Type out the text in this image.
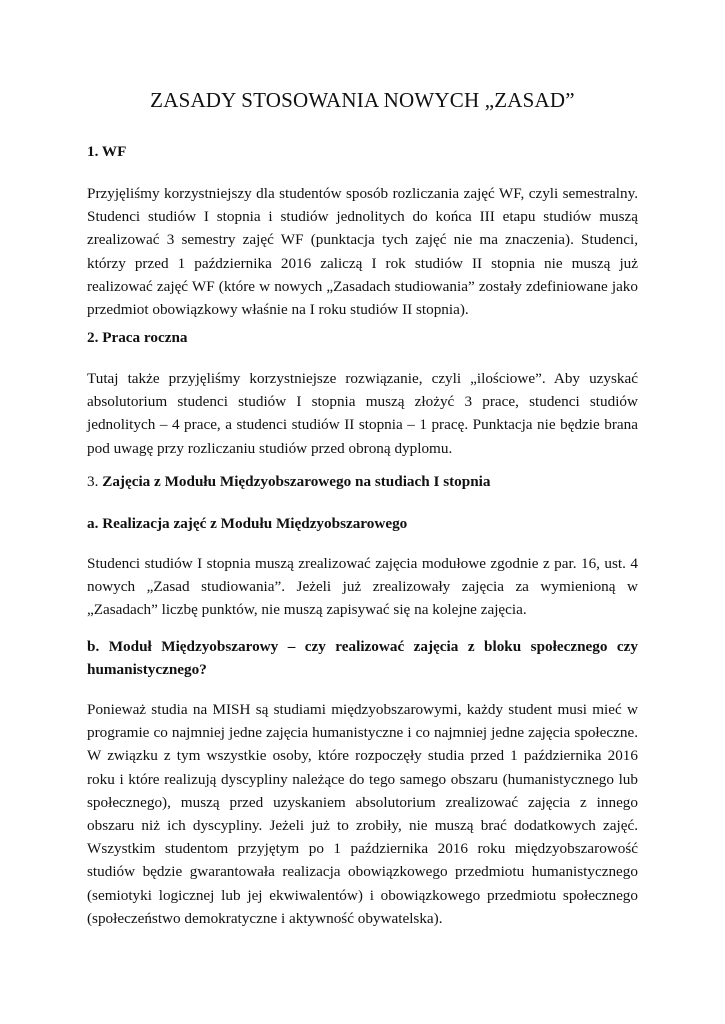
ZASADY STOSOWANIA NOWYCH „ZASAD”

1. WF

Przyjęliśmy korzystniejszy dla studentów sposób rozliczania zajęć WF, czyli semestralny. Studenci studiów I stopnia i studiów jednolitych do końca III etapu studiów muszą zrealizować 3 semestry zajęć WF (punktacja tych zajęć nie ma znaczenia). Studenci, którzy przed 1 października 2016 zaliczą I rok studiów II stopnia nie muszą już realizować zajęć WF (które w nowych „Zasadach studiowania” zostały zdefiniowane jako przedmiot obowiązkowy właśnie na I roku studiów II stopnia).

2. Praca roczna

Tutaj także przyjęliśmy korzystniejsze rozwiązanie, czyli „ilościowe”. Aby uzyskać absolutorium studenci studiów I stopnia muszą złożyć 3 prace, studenci studiów jednolitych – 4 prace, a studenci studiów II stopnia – 1 pracę. Punktacja nie będzie brana pod uwagę przy rozliczaniu studiów przed obroną dyplomu.

3. Zajęcia z Modułu Międzyobszarowego na studiach I stopnia

a. Realizacja zajęć z Modułu Międzyobszarowego

Studenci studiów I stopnia muszą zrealizować zajęcia modułowe zgodnie z par. 16, ust. 4 nowych „Zasad studiowania”. Jeżeli już zrealizowały zajęcia za wymienioną w „Zasadach” liczbę punktów, nie muszą zapisywać się na kolejne zajęcia.

b. Moduł Międzyobszarowy – czy realizować zajęcia z bloku społecznego czy humanistycznego?

Ponieważ studia na MISH są studiami międzyobszarowymi, każdy student musi mieć w programie co najmniej jedne zajęcia humanistyczne i co najmniej jedne zajęcia społeczne. W związku z tym wszystkie osoby, które rozpoczęły studia przed 1 października 2016 roku i które realizują dyscypliny należące do tego samego obszaru (humanistycznego lub społecznego), muszą przed uzyskaniem absolutorium zrealizować zajęcia z innego obszaru niż ich dyscypliny. Jeżeli już to zrobiły, nie muszą brać dodatkowych zajęć. Wszystkim studentom przyjętym po 1 października 2016 roku międzyobszarowość studiów będzie gwarantowała realizacja obowiązkowego przedmiotu humanistycznego (semiotyki logicznej lub jej ekwiwalentów) i obowiązkowego przedmiotu społecznego (społeczeństwo demokratyczne i aktywność obywatelska).
